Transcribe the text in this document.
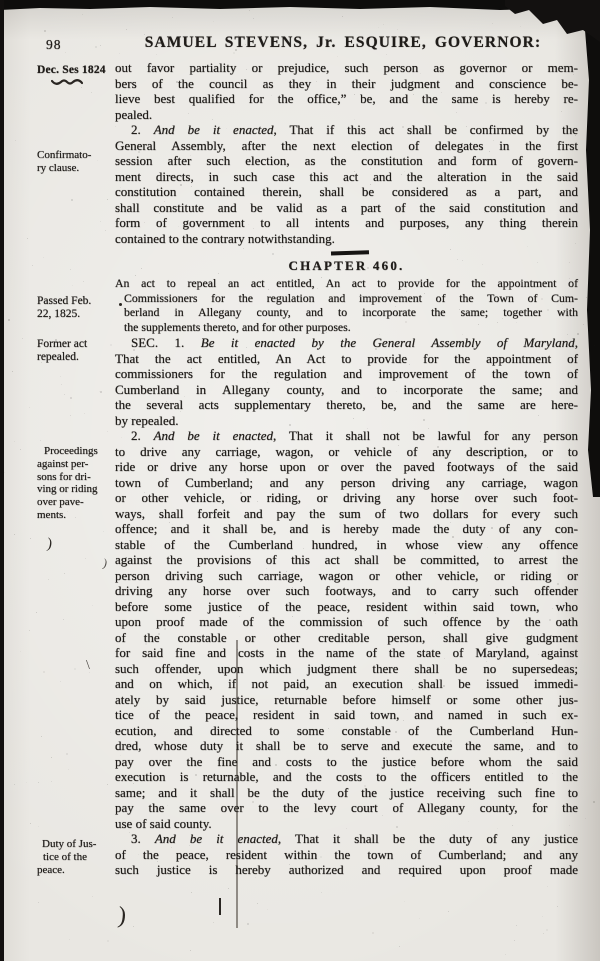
)
)
\
)
98	SAMUEL STEVENS, Jr. ESQUIRE, GOVERNOR:
Dec. Ses 1824
Confirmato-
ry clause.
Passed Feb.
22, 1825.
Former act
repealed.
Proceedings
against per-
sons for dri-
ving or riding
over pave-
ments.
Duty of Jus-
tice of the
peace.
out favor partiality or prejudice, such person as governor or mem-
bers of the council as they in their judgment and conscience be-
lieve best qualified for the office,” be, and the same is hereby re-
pealed.
2. And be it enacted, That if this act shall be confirmed by the
General Assembly, after the next election of delegates in the first
session after such election, as the constitution and form of govern-
ment directs, in such case this act and the alteration in the said
constitution contained therein, shall be considered as a part, and
shall constitute and be valid as a part of the said constitution and
form of government to all intents and purposes, any thing therein
contained to the contrary notwithstanding.
CHAPTER 460.
An act to repeal an act entitled, An act to provide for the appointment of
Commissioners for the regulation and improvement of the Town of Cum-
berland in Allegany county, and to incorporate the same; together with
the supplements thereto, and for other purposes.
SEC. 1. Be it enacted by the General Assembly of Maryland,
That the act entitled, An Act to provide for the appointment of
commissioners for the regulation and improvement of the town of
Cumberland in Allegany county, and to incorporate the same; and
the several acts supplementary thereto, be, and the same are here-
by repealed.
2. And be it enacted, That it shall not be lawful for any person
to drive any carriage, wagon, or vehicle of any description, or to
ride or drive any horse upon or over the paved footways of the said
town of Cumberland; and any person driving any carriage, wagon
or other vehicle, or riding, or driving any horse over such foot-
ways, shall forfeit and pay the sum of two dollars for every such
offence; and it shall be, and is hereby made the duty of any con-
stable of the Cumberland hundred, in whose view any offence
against the provisions of this act shall be committed, to arrest the
person driving such carriage, wagon or other vehicle, or riding or
driving any horse over such footways, and to carry such offender
before some justice of the peace, resident within said town, who
upon proof made of the commission of such offence by the oath
of the constable or other creditable person, shall give gudgment
for said fine and costs in the name of the state of Maryland, against
such offender, upon which judgment there shall be no supersedeas;
and on which, if not paid, an execution shall be issued immedi-
ately by said justice, returnable before himself or some other jus-
tice of the peace, resident in said town, and named in such ex-
ecution, and directed to some constable of the Cumberland Hun-
dred, whose duty it shall be to serve and execute the same, and to
pay over the fine and costs to the justice before whom the said
execution is returnable, and the costs to the officers entitled to the
same; and it shall be the duty of the justice receiving such fine to
pay the same over to the levy court of Allegany county, for the
use of said county.
3. And be it enacted, That it shall be the duty of any justice
of the peace, resident within the town of Cumberland; and any
such justice is hereby authorized and required upon proof made
